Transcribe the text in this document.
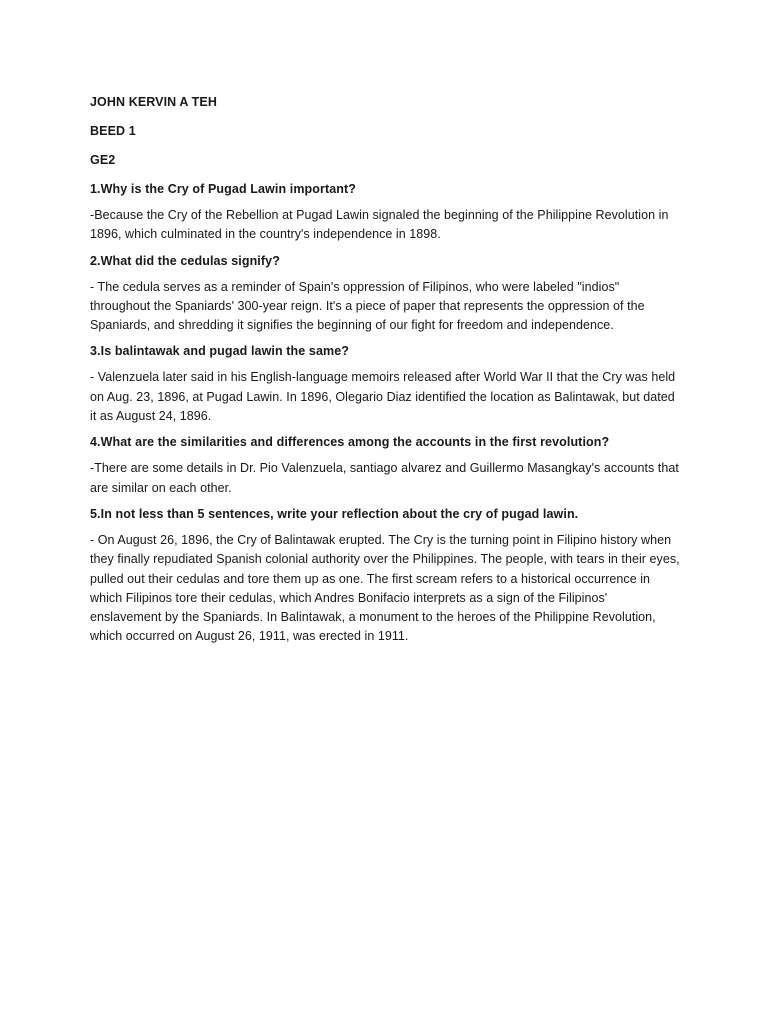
JOHN KERVIN A TEH

BEED 1

GE2

1.Why is the Cry of Pugad Lawin important?

-Because the Cry of the Rebellion at Pugad Lawin signaled the beginning of the Philippine Revolution in 1896, which culminated in the country's independence in 1898.

2.What did the cedulas signify?

- The cedula serves as a reminder of Spain's oppression of Filipinos, who were labeled "indios" throughout the Spaniards' 300-year reign. It's a piece of paper that represents the oppression of the Spaniards, and shredding it signifies the beginning of our fight for freedom and independence.

3.Is balintawak and pugad lawin the same?

- Valenzuela later said in his English-language memoirs released after World War II that the Cry was held on Aug. 23, 1896, at Pugad Lawin. In 1896, Olegario Diaz identified the location as Balintawak, but dated it as August 24, 1896.

4.What are the similarities and differences among the accounts in the first revolution?

-There are some details in Dr. Pio Valenzuela, santiago alvarez and Guillermo Masangkay's accounts that are similar on each other.

5.In not less than 5 sentences, write your reflection about the cry of pugad lawin.

- On August 26, 1896, the Cry of Balintawak erupted. The Cry is the turning point in Filipino history when they finally repudiated Spanish colonial authority over the Philippines. The people, with tears in their eyes, pulled out their cedulas and tore them up as one. The first scream refers to a historical occurrence in which Filipinos tore their cedulas, which Andres Bonifacio interprets as a sign of the Filipinos' enslavement by the Spaniards. In Balintawak, a monument to the heroes of the Philippine Revolution, which occurred on August 26, 1911, was erected in 1911.
